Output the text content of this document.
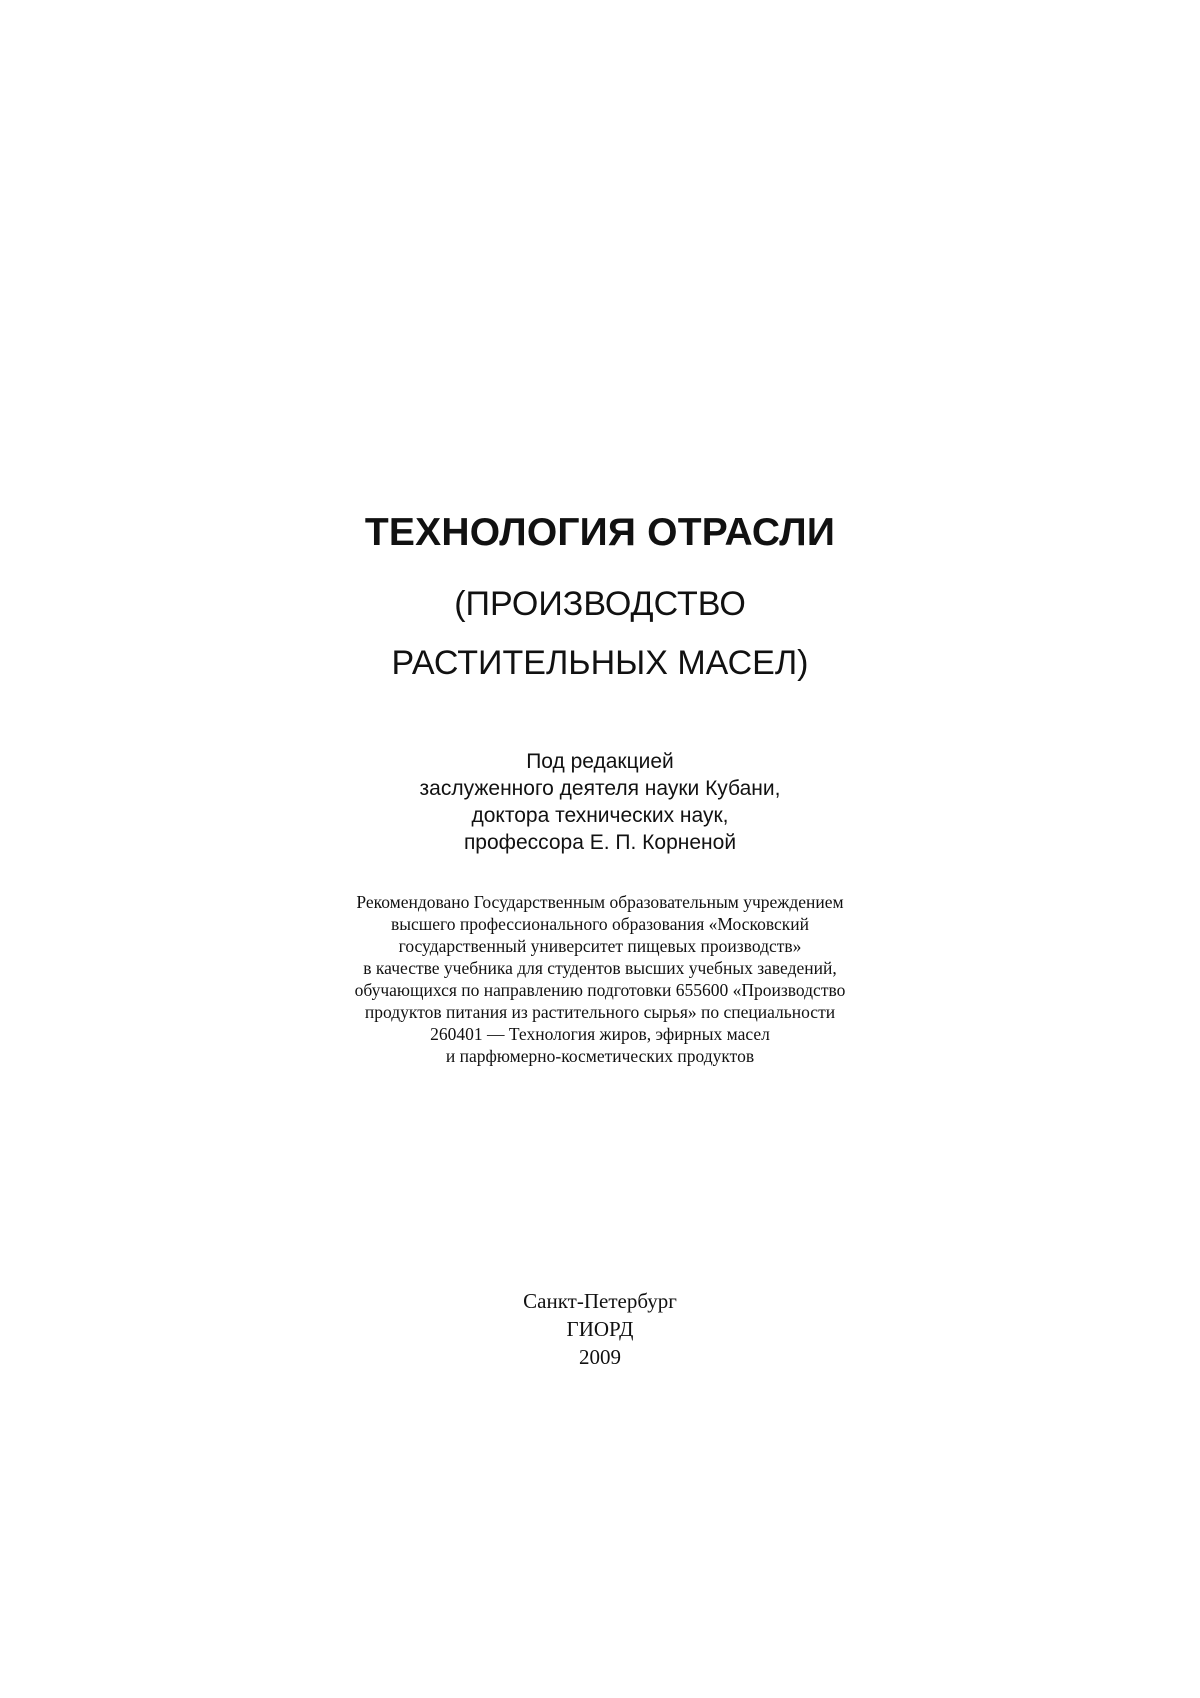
ТЕХНОЛОГИЯ ОТРАСЛИ
(ПРОИЗВОДСТВО
РАСТИТЕЛЬНЫХ МАСЕЛ)
Под редакцией
заслуженного деятеля науки Кубани,
доктора технических наук,
профессора Е. П. Корненой
Рекомендовано Государственным образовательным учреждением
высшего профессионального образования «Московский
государственный университет пищевых производств»
в качестве учебника для студентов высших учебных заведений,
обучающихся по направлению подготовки 655600 «Производство
продуктов питания из растительного сырья» по специальности
260401 — Технология жиров, эфирных масел
и парфюмерно-косметических продуктов
Санкт-Петербург
ГИОРД
2009
